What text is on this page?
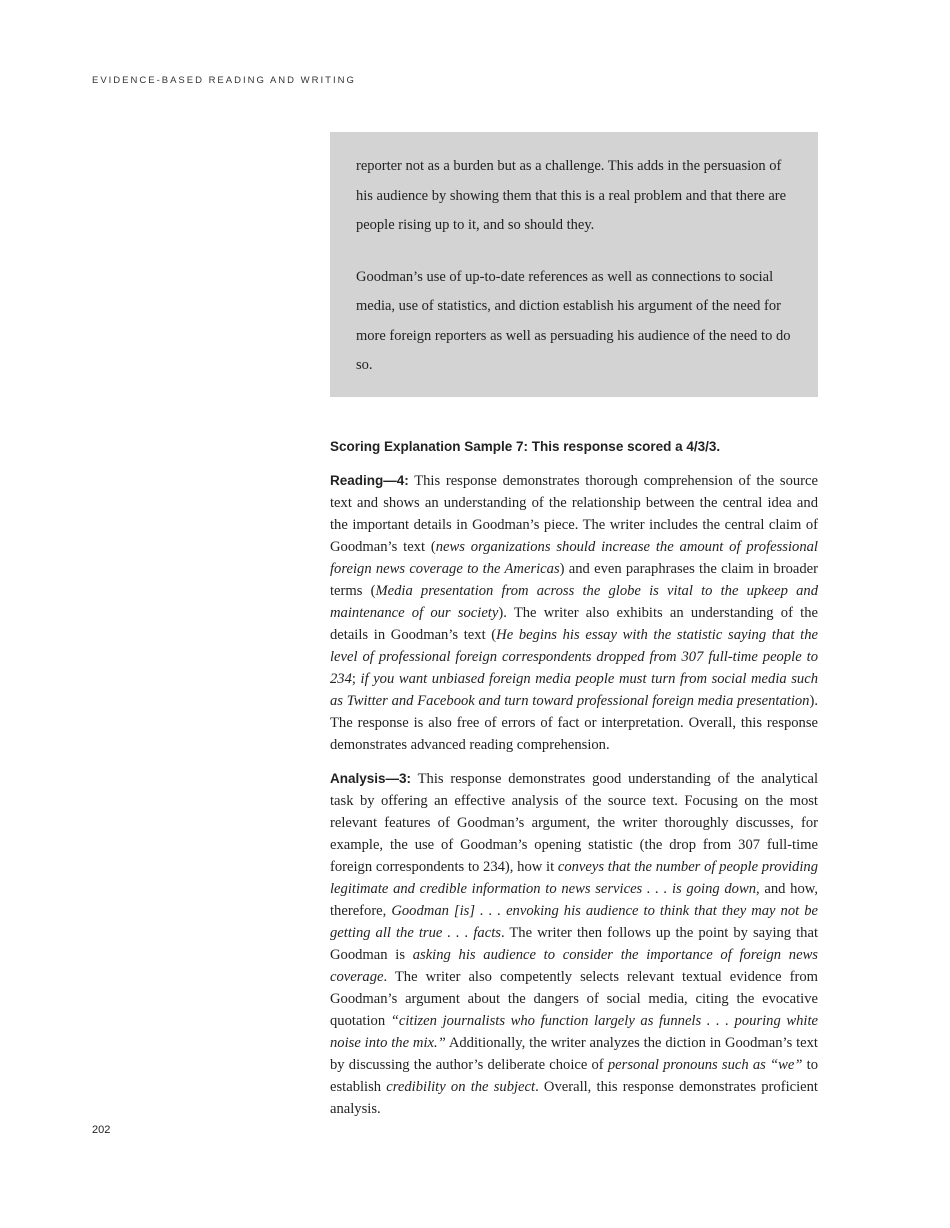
EVIDENCE-BASED READING AND WRITING

reporter not as a burden but as a challenge. This adds in the persuasion of his audience by showing them that this is a real problem and that there are people rising up to it, and so should they.

Goodman’s use of up-to-date references as well as connections to social media, use of statistics, and diction establish his argument of the need for more foreign reporters as well as persuading his audience of the need to do so.

Scoring Explanation Sample 7: This response scored a 4/3/3.

Reading—4: This response demonstrates thorough comprehension of the source text and shows an understanding of the relationship between the central idea and the important details in Goodman’s piece. The writer includes the central claim of Goodman’s text (news organizations should increase the amount of professional foreign news coverage to the Americas) and even paraphrases the claim in broader terms (Media presentation from across the globe is vital to the upkeep and maintenance of our society). The writer also exhibits an understanding of the details in Goodman’s text (He begins his essay with the statistic saying that the level of professional foreign correspondents dropped from 307 full-time people to 234; if you want unbiased foreign media people must turn from social media such as Twitter and Facebook and turn toward professional foreign media presentation). The response is also free of errors of fact or interpretation. Overall, this response demonstrates advanced reading comprehension.

Analysis—3: This response demonstrates good understanding of the analytical task by offering an effective analysis of the source text. Focusing on the most relevant features of Goodman’s argument, the writer thoroughly discusses, for example, the use of Goodman’s opening statistic (the drop from 307 full-time foreign correspondents to 234), how it conveys that the number of people providing legitimate and credible information to news services . . . is going down, and how, therefore, Goodman [is] . . . envoking his audience to think that they may not be getting all the true . . . facts. The writer then follows up the point by saying that Goodman is asking his audience to consider the importance of foreign news coverage. The writer also competently selects relevant textual evidence from Goodman’s argument about the dangers of social media, citing the evocative quotation “citizen journalists who function largely as funnels . . . pouring white noise into the mix.” Additionally, the writer analyzes the diction in Goodman’s text by discussing the author’s deliberate choice of personal pronouns such as “we” to establish credibility on the subject. Overall, this response demonstrates proficient analysis.

202
